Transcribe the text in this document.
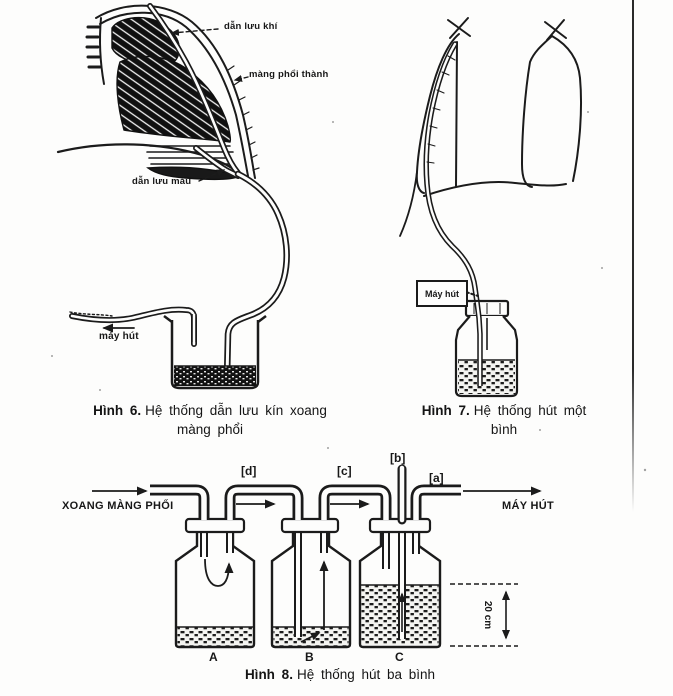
dẫn lưu khí
màng phổi thành
dẫn lưu máu
máy hút
Máy hút
Hình 6. Hệ thống dẫn lưu kín xoang
màng phổi
Hình 7. Hệ thống hút một
bình
XOANG MÀNG PHỔI	MÁY HÚT
[d]	[c]
[b]
[a]
A	B	C
20 cm
Hình 8. Hệ thống hút ba bình
